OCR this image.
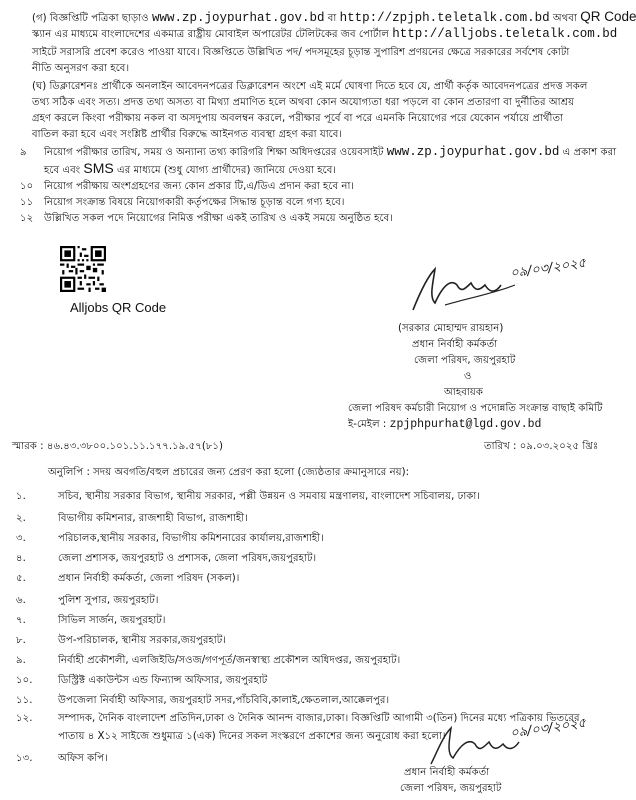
(গ) বিজ্ঞপ্তিটি পত্রিকা ছাড়াও www.zp.joypurhat.gov.bd বা http://zpjph.teletalk.com.bd অথবা QR Code
স্ক্যান এর মাধ্যমে বাংলাদেশের একমাত্র রাষ্ট্রীয় মোবাইল অপারেটর টেলিটকের জব পোর্টাল http://alljobs.teletalk.com.bd
সাইটে সরাসরি প্রবেশ করেও পাওয়া যাবে। বিজ্ঞপ্তিতে উল্লিখিত পদ/ পদসমূহের চূড়ান্ত সুপারিশ প্রণয়নের ক্ষেত্রে সরকারের সর্বশেষ কোটা
নীতি অনুসরণ করা হবে।
(ঘ) ডিক্লারেশনঃ প্রার্থীকে অনলাইন আবেদনপত্রের ডিক্লারেশন অংশে এই মর্মে ঘোষণা দিতে হবে যে, প্রার্থী কর্তৃক আবেদনপত্রের প্রদত্ত সকল
তথ্য সঠিক এবং সত্য। প্রদত্ত তথ্য অসত্য বা মিথ্যা প্রমাণিত হলে অথবা কোন অযোগ্যতা ধরা পড়লে বা কোন প্রতারণা বা দুর্নীতির আশ্রয়
গ্রহণ করলে কিংবা পরীক্ষায় নকল বা অসদুপায় অবলম্বন করলে, পরীক্ষার পূর্বে বা পরে এমনকি নিয়োগের পরে যেকোন পর্যায়ে প্রার্থীতা
বাতিল করা হবে এবং সংশ্লিষ্ট প্রার্থীর বিরুদ্ধে আইনগত ব্যবস্থা গ্রহণ করা যাবে।
৯ নিয়োগ পরীক্ষার তারিখ, সময় ও অন্যান্য তথ্য কারিগরি শিক্ষা অধিদপ্তরের ওয়েবসাইট www.zp.joypurhat.gov.bd এ প্রকাশ করা
হবে এবং SMS এর মাধ্যমে (শুধু যোগ্য প্রার্থীদের) জানিয়ে দেওয়া হবে।
১০ নিয়োগ পরীক্ষায় অংশগ্রহণের জন্য কোন প্রকার টি,এ/ডিএ প্রদান করা হবে না।
১১ নিয়োগ সংক্রান্ত বিষয়ে নিয়োগকারী কর্তৃপক্ষের সিদ্ধান্ত চূড়ান্ত বলে গণ্য হবে।
১২ উল্লিখিত সকল পদে নিয়োগের নিমিত্ত পরীক্ষা একই তারিখ ও একই সময়ে অনুষ্ঠিত হবে।
Alljobs QR Code
০৯/০৩/২০২৫
(সরকার মোহাম্মদ রায়হান)
প্রধান নির্বাহী কর্মকর্তা
জেলা পরিষদ, জয়পুরহাট
ও
আহবায়ক
জেলা পরিষদ কর্মচারী নিয়োগ ও পদোন্নতি সংক্রান্ত বাছাই কমিটি
ই-মেইল : zpjphpurhat@lgd.gov.bd
স্মারক : ৪৬.৪৩.৩৮০০.১০১.১১.১৭৭.১৯.৫৭(৮১)	তারিখ : ০৯.০৩.২০২৫ খ্রিঃ
অনুলিপি : সদয় অবগতি/বহুল প্রচারের জন্য প্রেরণ করা হলো (জ্যেষ্ঠতার ক্রমানুসারে নয়):
১.	সচিব, স্থানীয় সরকার বিভাগ, স্থানীয় সরকার, পল্লী উন্নয়ন ও সমবায় মন্ত্রণালয়, বাংলাদেশ সচিবালয়, ঢাকা।
২.	বিভাগীয় কমিশনার, রাজশাহী বিভাগ, রাজশাহী।
৩.	পরিচালক,স্থানীয় সরকার, বিভাগীয় কমিশনারের কার্যালয়,রাজশাহী।
৪.	জেলা প্রশাসক, জয়পুরহাট ও প্রশাসক, জেলা পরিষদ,জয়পুরহাট।
৫.	প্রধান নির্বাহী কর্মকর্তা, জেলা পরিষদ (সকল)।
৬.	পুলিশ সুপার, জয়পুরহাট।
৭.	সিভিল সার্জন, জয়পুরহাট।
৮.	উপ-পরিচালক, স্থানীয় সরকার,জয়পুরহাট।
৯.	নির্বাহী প্রকৌশলী, এলজিইডি/সওজ/গণপূর্ত/জনস্বাস্থ্য প্রকৌশল অধিদপ্তর, জয়পুরহাট।
১০.	ডিস্ট্রিক্ট একাউন্টস এন্ড ফিন্যান্স অফিসার, জয়পুরহাট
১১.	উপজেলা নির্বাহী অফিসার, জয়পুরহাট সদর,পাঁচবিবি,কালাই,ক্ষেতলাল,আক্কেলপুর।
১২.	সম্পাদক, দৈনিক বাংলাদেশ প্রতিদিন,ঢাকা ও দৈনিক আনন্দ বাজার,ঢাকা। বিজ্ঞপ্তিটি আগামী ৩(তিন) দিনের মধ্যে পত্রিকায় ভিতরের
পাতায় ৪ X১২ সাইজে শুধুমাত্র ১(এক) দিনের সকল সংস্করণে প্রকাশের জন্য অনুরোধ করা হলো।
১৩.	অফিস কপি।
০৯/০৩/২০২৫
প্রধান নির্বাহী কর্মকর্তা
জেলা পরিষদ, জয়পুরহাট
